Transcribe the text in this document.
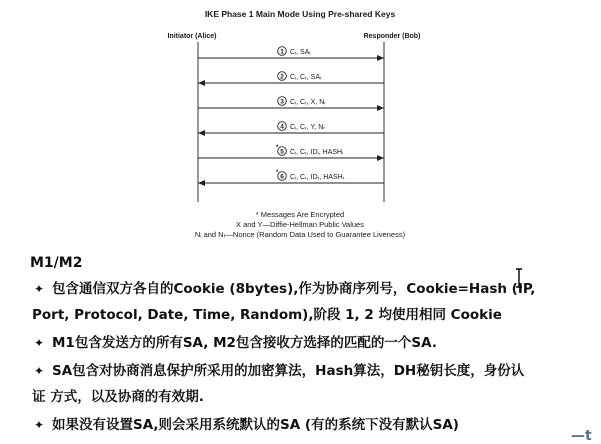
IKE Phase 1 Main Mode Using Pre-shared Keys
Initiator (Alice)	Responder (Bob)
1 Cᵢ, SAᵢ
2 Cᵢ, Cᵣ, SAᵣ
3 Cᵢ, Cᵣ, X, Nᵢ
4 Cᵢ, Cᵣ, Y, Nᵣ
5
*
Cᵢ, Cᵣ, IDᵢ, HASHᵢ
6
*
Cᵢ, Cᵣ, IDᵣ, HASHᵣ
* Messages Are Encrypted
X and Y—Diffie-Hellman Public Values
Nᵢ and Nᵣ—Nonce (Random Data Used to Guarantee Liveness)
M1/M2
✦ 包含通信双方各自的Cookie (8bytes),作为协商序列号，Cookie=Hash (IP,
Port, Protocol, Date, Time, Random),阶段 1, 2 均使用相同 Cookie
✦ M1包含发送方的所有SA, M2包含接收方选择的匹配的一个SA.
✦ SA包含对协商消息保护所采用的加密算法，Hash算法，DH秘钥长度，身份认
证 方式，以及协商的有效期.
✦ 如果没有设置SA,则会采用系统默认的SA (有的系统下没有默认SA)
—t
